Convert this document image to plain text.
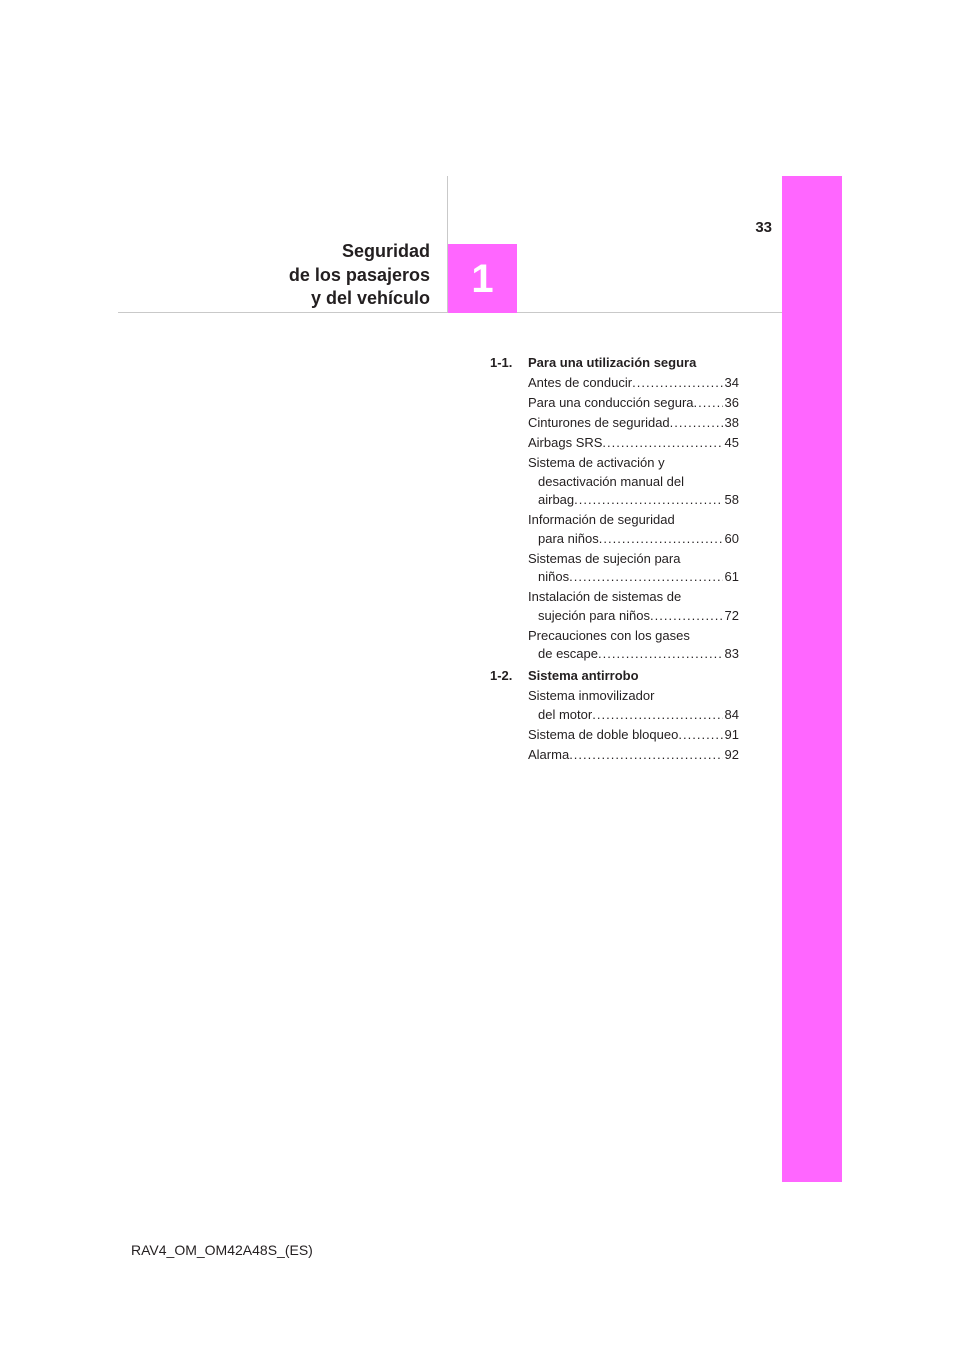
1
33
Seguridad
de los pasajeros
y del vehículo
1-1. Para una utilización segura
Antes de conducir . . .	34
Para una conducción segura . . . 36
Cinturones de seguridad . . .	38
Airbags SRS . . .	45
Sistema de activación y
desactivación manual del
airbag . . .	58
Información de seguridad
para niños . . .	60
Sistemas de sujeción para
niños . . .	61
Instalación de sistemas de
sujeción para niños . . .	72
Precauciones con los gases
de escape . . .	83
1-2. Sistema antirrobo
Sistema inmovilizador
del motor . . .	84
Sistema de doble bloqueo . . .	91
Alarma . . .	92
RAV4_OM_OM42A48S_(ES)
